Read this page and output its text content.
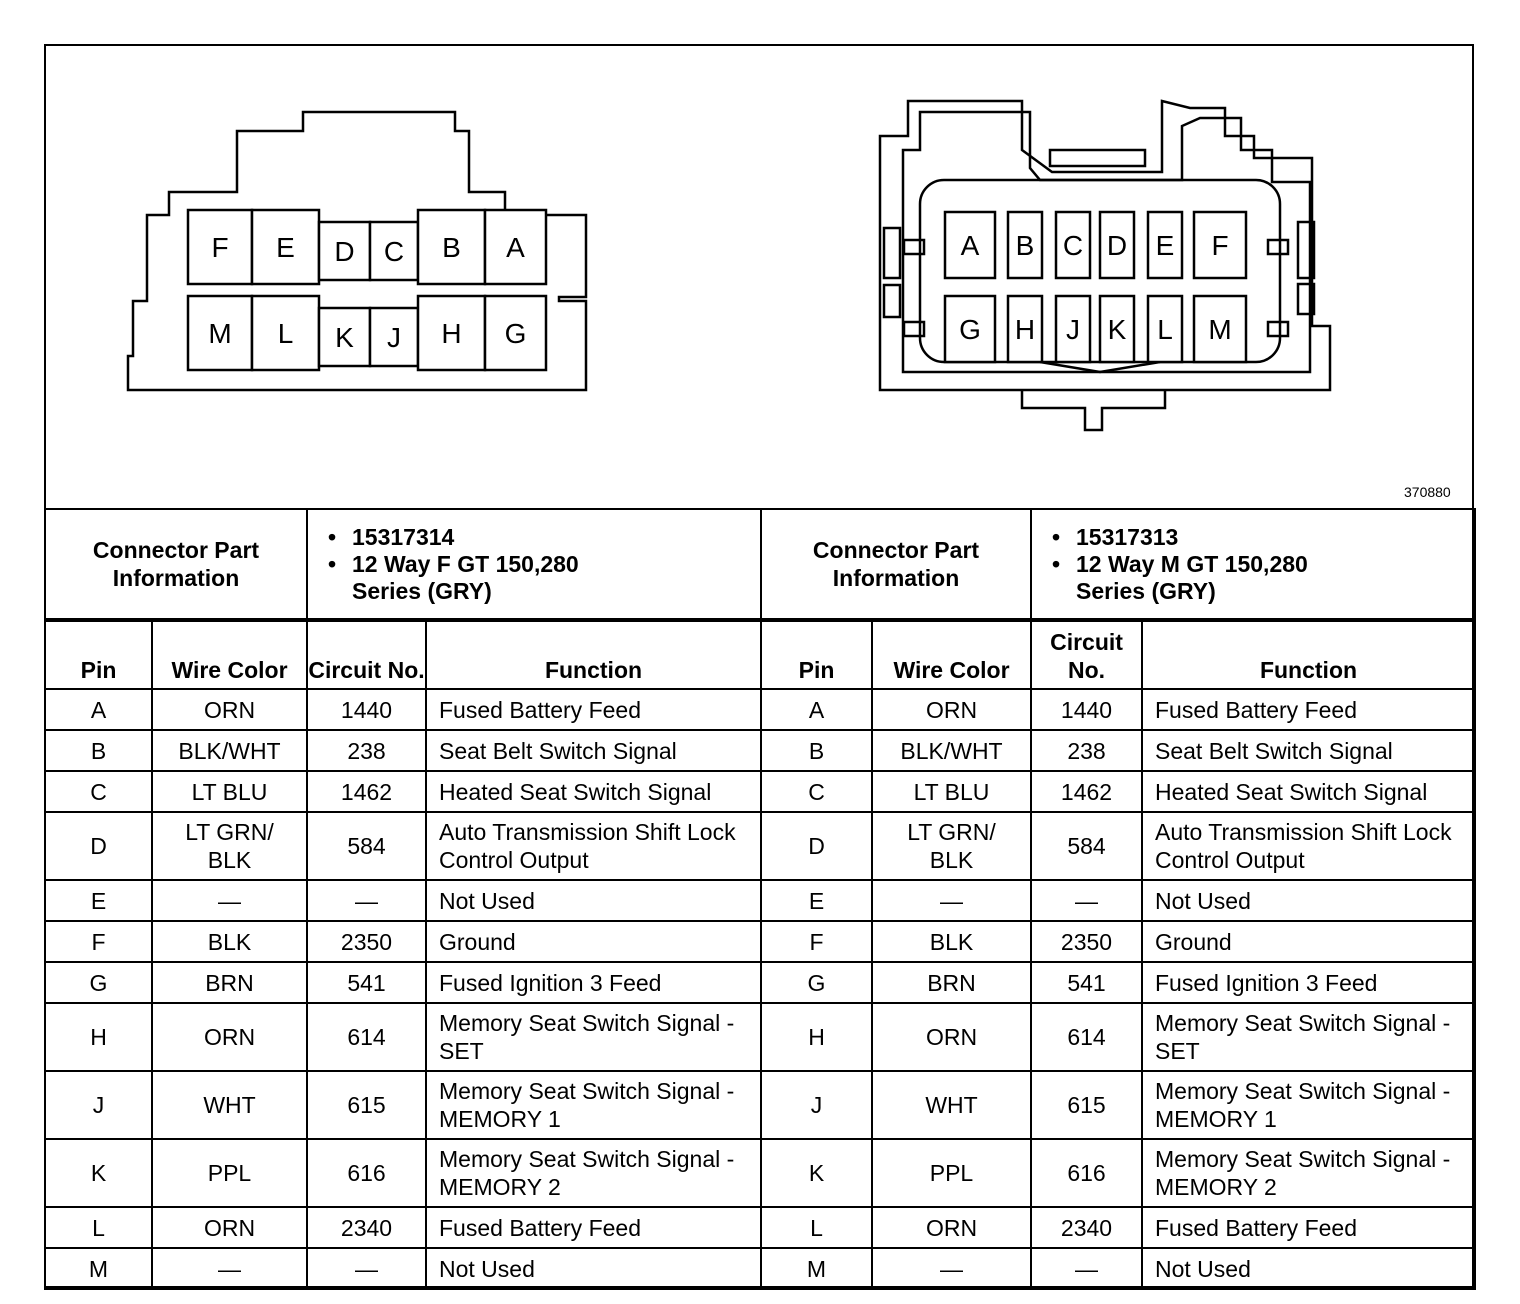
F E D C B A
M L K J H G
A B C D E F
G H J K L M
370880
Connector Part Information	
• 15317314
• 12 Way F GT 150,280 Series (GRY)
	Connector Part Information	
• 15317313
• 12 Way M GT 150,280 Series (GRY)
Pin	Wire Color	Circuit No.	Function	Pin	Wire Color	Circuit No.	Function
A	ORN	1440	Fused Battery Feed	A	ORN	1440	Fused Battery Feed
B	BLK/WHT	238	Seat Belt Switch Signal	B	BLK/WHT	238	Seat Belt Switch Signal
C	LT BLU	1462	Heated Seat Switch Signal	C	LT BLU	1462	Heated Seat Switch Signal
D	LT GRN/ BLK	584	Auto Transmission Shift Lock Control Output	D	LT GRN/ BLK	584	Auto Transmission Shift Lock Control Output
E	—	—	Not Used	E	—	—	Not Used
F	BLK	2350	Ground	F	BLK	2350	Ground
G	BRN	541	Fused Ignition 3 Feed	G	BRN	541	Fused Ignition 3 Feed
H	ORN	614	Memory Seat Switch Signal - SET	H	ORN	614	Memory Seat Switch Signal - SET
J	WHT	615	Memory Seat Switch Signal - MEMORY 1	J	WHT	615	Memory Seat Switch Signal - MEMORY 1
K	PPL	616	Memory Seat Switch Signal - MEMORY 2	K	PPL	616	Memory Seat Switch Signal - MEMORY 2
L	ORN	2340	Fused Battery Feed	L	ORN	2340	Fused Battery Feed
M	—	—	Not Used	M	—	—	Not Used
